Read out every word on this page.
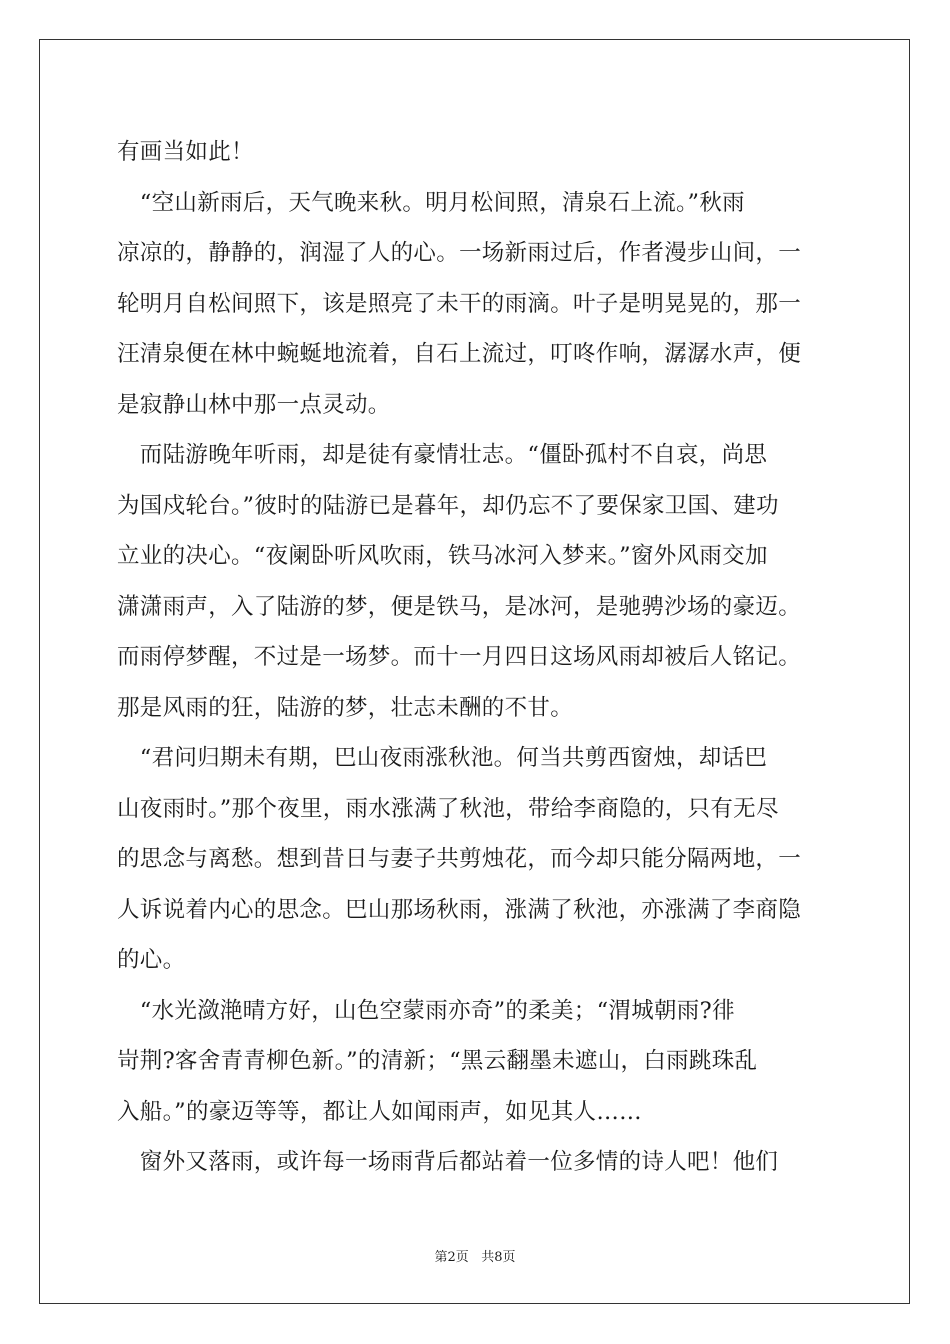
有画当如此！
　“空山新雨后，天气晚来秋。明月松间照，清泉石上流。”秋雨
凉凉的，静静的，润湿了人的心。一场新雨过后，作者漫步山间，一
轮明月自松间照下，该是照亮了未干的雨滴。叶子是明晃晃的，那一
汪清泉便在林中蜿蜒地流着，自石上流过，叮咚作响，潺潺水声，便
是寂静山林中那一点灵动。
　而陆游晚年听雨，却是徒有豪情壮志。“僵卧孤村不自哀，尚思
为国戍轮台。”彼时的陆游已是暮年，却仍忘不了要保家卫国、建功
立业的决心。“夜阑卧听风吹雨，铁马冰河入梦来。”窗外风雨交加
潇潇雨声，入了陆游的梦，便是铁马，是冰河，是驰骋沙场的豪迈。
而雨停梦醒，不过是一场梦。而十一月四日这场风雨却被后人铭记。
那是风雨的狂，陆游的梦，壮志未酬的不甘。
　“君问归期未有期，巴山夜雨涨秋池。何当共剪西窗烛，却话巴
山夜雨时。”那个夜里，雨水涨满了秋池，带给李商隐的，只有无尽
的思念与离愁。想到昔日与妻子共剪烛花，而今却只能分隔两地，一
人诉说着内心的思念。巴山那场秋雨，涨满了秋池，亦涨满了李商隐
的心。
　“水光潋滟晴方好，山色空蒙雨亦奇”的柔美；“渭城朝雨?徘
岢荆?客舍青青柳色新。”的清新；“黑云翻墨未遮山，白雨跳珠乱
入船。”的豪迈等等，都让人如闻雨声，如见其人……
　窗外又落雨，或许每一场雨背后都站着一位多情的诗人吧！他们
第2页 共8页
